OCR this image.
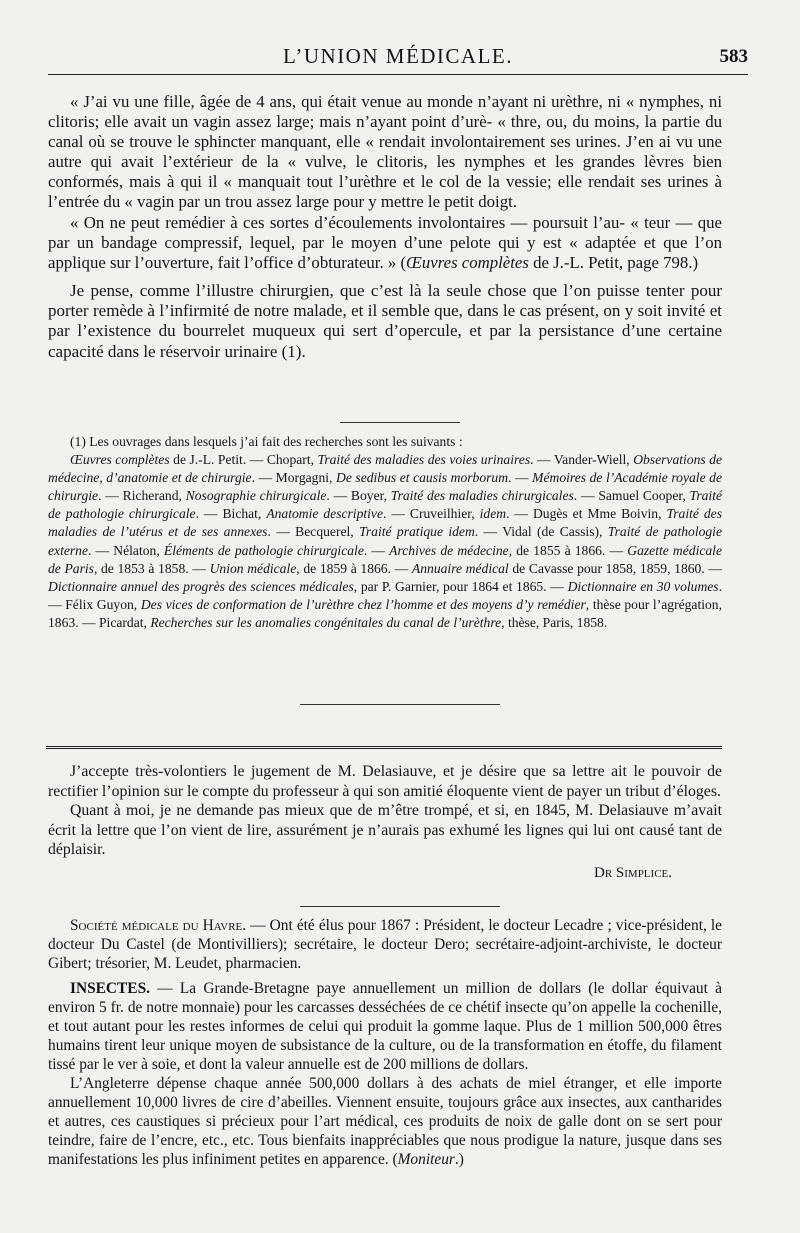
L’UNION MÉDICALE.	583

« J’ai vu une fille, âgée de 4 ans, qui était venue au monde n’ayant ni urèthre, ni « nymphes, ni clitoris; elle avait un vagin assez large; mais n’ayant point d’urè- « thre, ou, du moins, la partie du canal où se trouve le sphincter manquant, elle « rendait involontairement ses urines. J’en ai vu une autre qui avait l’extérieur de la « vulve, le clitoris, les nymphes et les grandes lèvres bien conformés, mais à qui il « manquait tout l’urèthre et le col de la vessie; elle rendait ses urines à l’entrée du « vagin par un trou assez large pour y mettre le petit doigt.

« On ne peut remédier à ces sortes d’écoulements involontaires — poursuit l’au- « teur — que par un bandage compressif, lequel, par le moyen d’une pelote qui y est « adaptée et que l’on applique sur l’ouverture, fait l’office d’obturateur. » (Œuvres complètes de J.-L. Petit, page 798.)

Je pense, comme l’illustre chirurgien, que c’est là la seule chose que l’on puisse tenter pour porter remède à l’infirmité de notre malade, et il semble que, dans le cas présent, on y soit invité et par l’existence du bourrelet muqueux qui sert d’opercule, et par la persistance d’une certaine capacité dans le réservoir urinaire (1).

(1) Les ouvrages dans lesquels j’ai fait des recherches sont les suivants :

Œuvres complètes de J.-L. Petit. — Chopart, Traité des maladies des voies urinaires. — Vander-Wiell, Observations de médecine, d’anatomie et de chirurgie. — Morgagni, De sedibus et causis morborum. — Mémoires de l’Académie royale de chirurgie. — Richerand, Nosographie chirurgicale. — Boyer, Traité des maladies chirurgicales. — Samuel Cooper, Traité de pathologie chirurgicale. — Bichat, Anatomie descriptive. — Cruveilhier, idem. — Dugès et Mme Boivin, Traité des maladies de l’utérus et de ses annexes. — Becquerel, Traité pratique idem. — Vidal (de Cassis), Traité de pathologie externe. — Nélaton, Éléments de pathologie chirurgicale. — Archives de médecine, de 1855 à 1866. — Gazette médicale de Paris, de 1853 à 1858. — Union médicale, de 1859 à 1866. — Annuaire médical de Cavasse pour 1858, 1859, 1860. — Dictionnaire annuel des progrès des sciences médicales, par P. Garnier, pour 1864 et 1865. — Dictionnaire en 30 volumes. — Félix Guyon, Des vices de conformation de l’urèthre chez l’homme et des moyens d’y remédier, thèse pour l’agrégation, 1863. — Picardat, Recherches sur les anomalies congénitales du canal de l’urèthre, thèse, Paris, 1858.

J’accepte très-volontiers le jugement de M. Delasiauve, et je désire que sa lettre ait le pouvoir de rectifier l’opinion sur le compte du professeur à qui son amitié éloquente vient de payer un tribut d’éloges.

Quant à moi, je ne demande pas mieux que de m’être trompé, et si, en 1845, M. Delasiauve m’avait écrit la lettre que l’on vient de lire, assurément je n’aurais pas exhumé les lignes qui lui ont causé tant de déplaisir.

Dr Simplice.

Société médicale du Havre. — Ont été élus pour 1867 : Président, le docteur Lecadre ; vice-président, le docteur Du Castel (de Montivilliers); secrétaire, le docteur Dero; secrétaire-adjoint-archiviste, le docteur Gibert; trésorier, M. Leudet, pharmacien.

INSECTES. — La Grande-Bretagne paye annuellement un million de dollars (le dollar équivaut à environ 5 fr. de notre monnaie) pour les carcasses desséchées de ce chétif insecte qu’on appelle la cochenille, et tout autant pour les restes informes de celui qui produit la gomme laque. Plus de 1 million 500,000 êtres humains tirent leur unique moyen de subsistance de la culture, ou de la transformation en étoffe, du filament tissé par le ver à soie, et dont la valeur annuelle est de 200 millions de dollars.

L’Angleterre dépense chaque année 500,000 dollars à des achats de miel étranger, et elle importe annuellement 10,000 livres de cire d’abeilles. Viennent ensuite, toujours grâce aux insectes, aux cantharides et autres, ces caustiques si précieux pour l’art médical, ces produits de noix de galle dont on se sert pour teindre, faire de l’encre, etc., etc. Tous bienfaits inappréciables que nous prodigue la nature, jusque dans ses manifestations les plus infiniment petites en apparence. (Moniteur.)
